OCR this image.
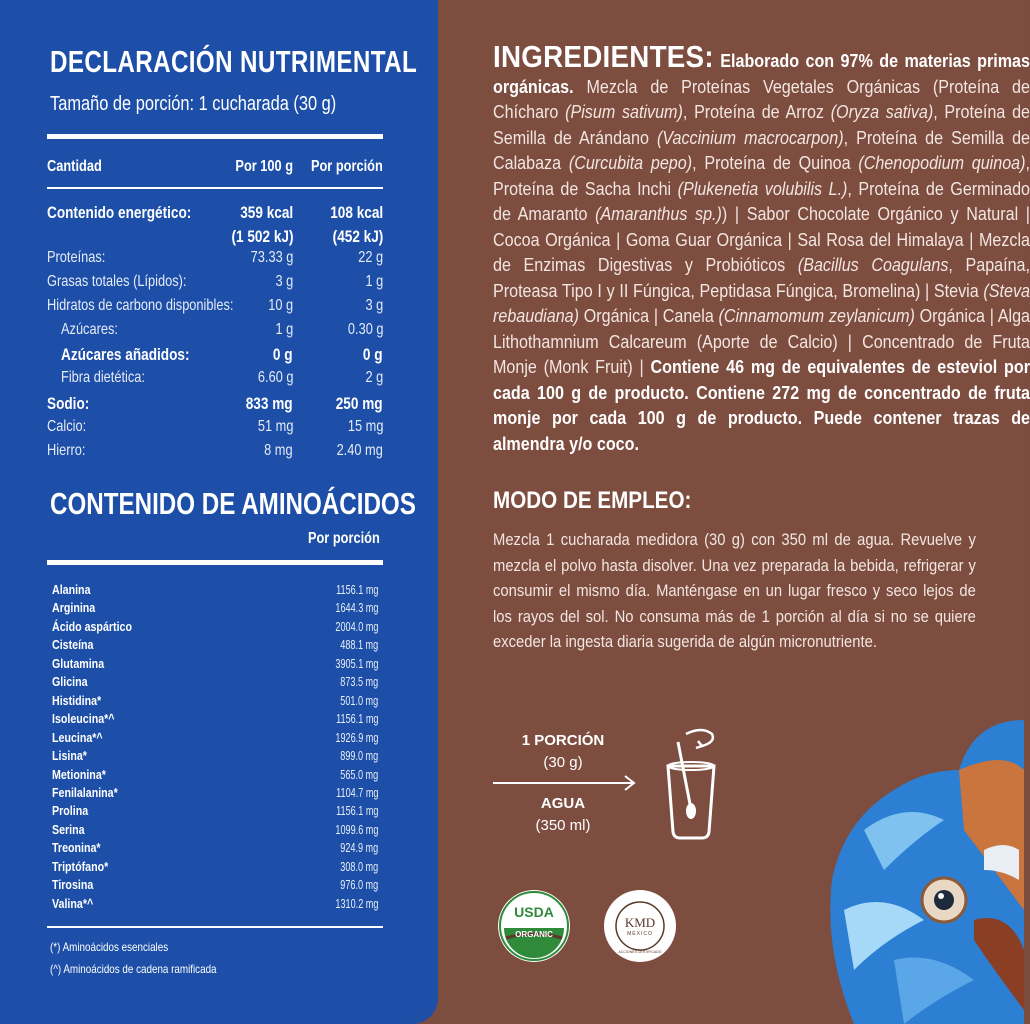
DECLARACIÓN NUTRIMENTAL
Tamaño de porción: 1 cucharada (30 g)
Cantidad	Por 100 g Por porción
Contenido energético:	359 kcal 108 kcal
(1 502 kJ) (452 kJ)
Proteínas:	73.33 g	22 g
Grasas totales (Lípidos):	3 g	1 g
Hidratos de carbono disponibles: 10 g	3 g
Azúcares:	1 g	0.30 g
Azúcares añadidos:	0 g	0 g
Fibra dietética:	6.60 g	2 g
Sodio:	833 mg	250 mg
Calcio:	51 mg	15 mg
Hierro:	8 mg	2.40 mg
CONTENIDO DE AMINOÁCIDOS
Por porción
Alanina	1156.1 mg
Arginina	1644.3 mg
Ácido aspártico	2004.0 mg
Cisteína	488.1 mg
Glutamina	3905.1 mg
Glicina	873.5 mg
Histidina*	501.0 mg
Isoleucina*^	1156.1 mg
Leucina*^	1926.9 mg
Lisina*	899.0 mg
Metionina*	565.0 mg
Fenilalanina*	1104.7 mg
Prolina	1156.1 mg
Serina	1099.6 mg
Treonina*	924.9 mg
Triptófano*	308.0 mg
Tirosina	976.0 mg
Valina*^	1310.2 mg
(*) Aminoácidos esenciales
(^) Aminoácidos de cadena ramificada
INGREDIENTES: Elaborado con 97% de materias primas orgánicas. Mezcla de Proteínas Vegetales Orgánicas (Proteína de Chícharo (Pisum sativum), Proteína de Arroz (Oryza sativa), Proteína de Semilla de Arándano (Vaccinium macrocarpon), Proteína de Semilla de Calabaza (Curcubita pepo), Proteína de Quinoa (Chenopodium quinoa), Proteína de Sacha Inchi (Plukenetia volubilis L.), Proteína de Germinado de Amaranto (Amaranthus sp.)) | Sabor Chocolate Orgánico y Natural | Cocoa Orgánica | Goma Guar Orgánica | Sal Rosa del Himalaya | Mezcla de Enzimas Digestivas y Probióticos (Bacillus Coagulans, Papaína, Proteasa Tipo I y II Fúngica, Peptidasa Fúngica, Bromelina) | Stevia (Steva rebaudiana) Orgánica | Canela (Cinnamomum zeylanicum) Orgánica | Alga Lithothamnium Calcareum (Aporte de Calcio) | Concentrado de Fruta Monje (Monk Fruit) | Contiene 46 mg de equivalentes de esteviol por cada 100 g de producto. Contiene 272 mg de concentrado de fruta monje por cada 100 g de producto. Puede contener trazas de almendra y/o coco.
MODO DE EMPLEO:
Mezcla 1 cucharada medidora (30 g) con 350 ml de agua. Revuelve y mezcla el polvo hasta disolver. Una vez preparada la bebida, refrigerar y consumir el mismo día. Manténgase en un lugar fresco y seco lejos de los rayos del sol. No consuma más de 1 porción al día si no se quiere exceder la ingesta diaria sugerida de algún micronutriente.
1 PORCIÓN
(30 g)
AGUA
(350 ml)
USDA
ORGANIC
KMD
MÉXICO
ACCIONES CERTIFICADO
